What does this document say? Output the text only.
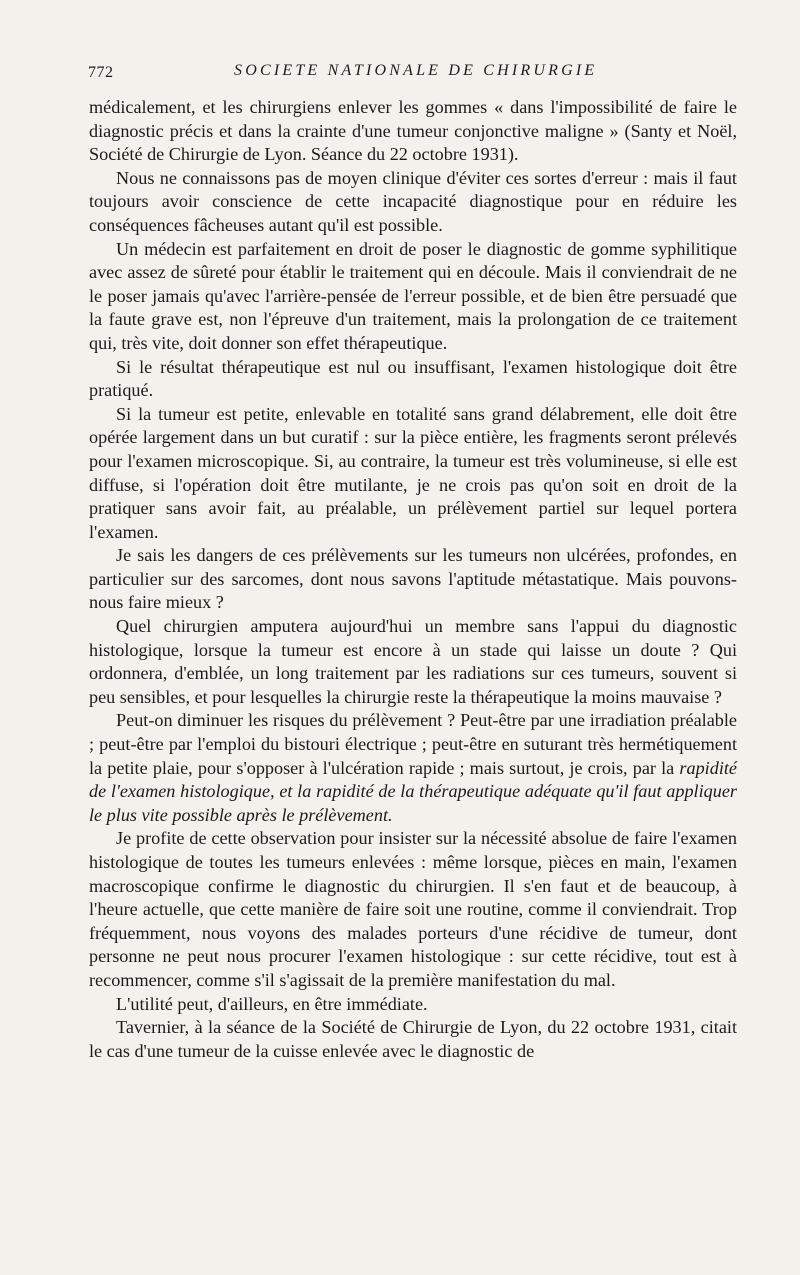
772	SOCIETE NATIONALE DE CHIRURGIE

médicalement, et les chirurgiens enlever les gommes « dans l'impossibilité de faire le diagnostic précis et dans la crainte d'une tumeur conjonctive maligne » (Santy et Noël, Société de Chirurgie de Lyon. Séance du 22 octobre 1931).

Nous ne connaissons pas de moyen clinique d'éviter ces sortes d'erreur : mais il faut toujours avoir conscience de cette incapacité diagnostique pour en réduire les conséquences fâcheuses autant qu'il est possible.

Un médecin est parfaitement en droit de poser le diagnostic de gomme syphilitique avec assez de sûreté pour établir le traitement qui en découle. Mais il conviendrait de ne le poser jamais qu'avec l'arrière-pensée de l'erreur possible, et de bien être persuadé que la faute grave est, non l'épreuve d'un traitement, mais la prolongation de ce traitement qui, très vite, doit donner son effet thérapeutique.

Si le résultat thérapeutique est nul ou insuffisant, l'examen histologique doit être pratiqué.

Si la tumeur est petite, enlevable en totalité sans grand délabrement, elle doit être opérée largement dans un but curatif : sur la pièce entière, les fragments seront prélevés pour l'examen microscopique. Si, au contraire, la tumeur est très volumineuse, si elle est diffuse, si l'opération doit être mutilante, je ne crois pas qu'on soit en droit de la pratiquer sans avoir fait, au préalable, un prélèvement partiel sur lequel portera l'examen.

Je sais les dangers de ces prélèvements sur les tumeurs non ulcérées, profondes, en particulier sur des sarcomes, dont nous savons l'aptitude métastatique. Mais pouvons-nous faire mieux ?

Quel chirurgien amputera aujourd'hui un membre sans l'appui du diagnostic histologique, lorsque la tumeur est encore à un stade qui laisse un doute ? Qui ordonnera, d'emblée, un long traitement par les radiations sur ces tumeurs, souvent si peu sensibles, et pour lesquelles la chirurgie reste la thérapeutique la moins mauvaise ?

Peut-on diminuer les risques du prélèvement ? Peut-être par une irradiation préalable ; peut-être par l'emploi du bistouri électrique ; peut-être en suturant très hermétiquement la petite plaie, pour s'opposer à l'ulcération rapide ; mais surtout, je crois, par la rapidité de l'examen histologique, et la rapidité de la thérapeutique adéquate qu'il faut appliquer le plus vite possible après le prélèvement.

Je profite de cette observation pour insister sur la nécessité absolue de faire l'examen histologique de toutes les tumeurs enlevées : même lorsque, pièces en main, l'examen macroscopique confirme le diagnostic du chirurgien. Il s'en faut et de beaucoup, à l'heure actuelle, que cette manière de faire soit une routine, comme il conviendrait. Trop fréquemment, nous voyons des malades porteurs d'une récidive de tumeur, dont personne ne peut nous procurer l'examen histologique : sur cette récidive, tout est à recommencer, comme s'il s'agissait de la première manifestation du mal.

L'utilité peut, d'ailleurs, en être immédiate.

Tavernier, à la séance de la Société de Chirurgie de Lyon, du 22 octobre 1931, citait le cas d'une tumeur de la cuisse enlevée avec le diagnostic de
